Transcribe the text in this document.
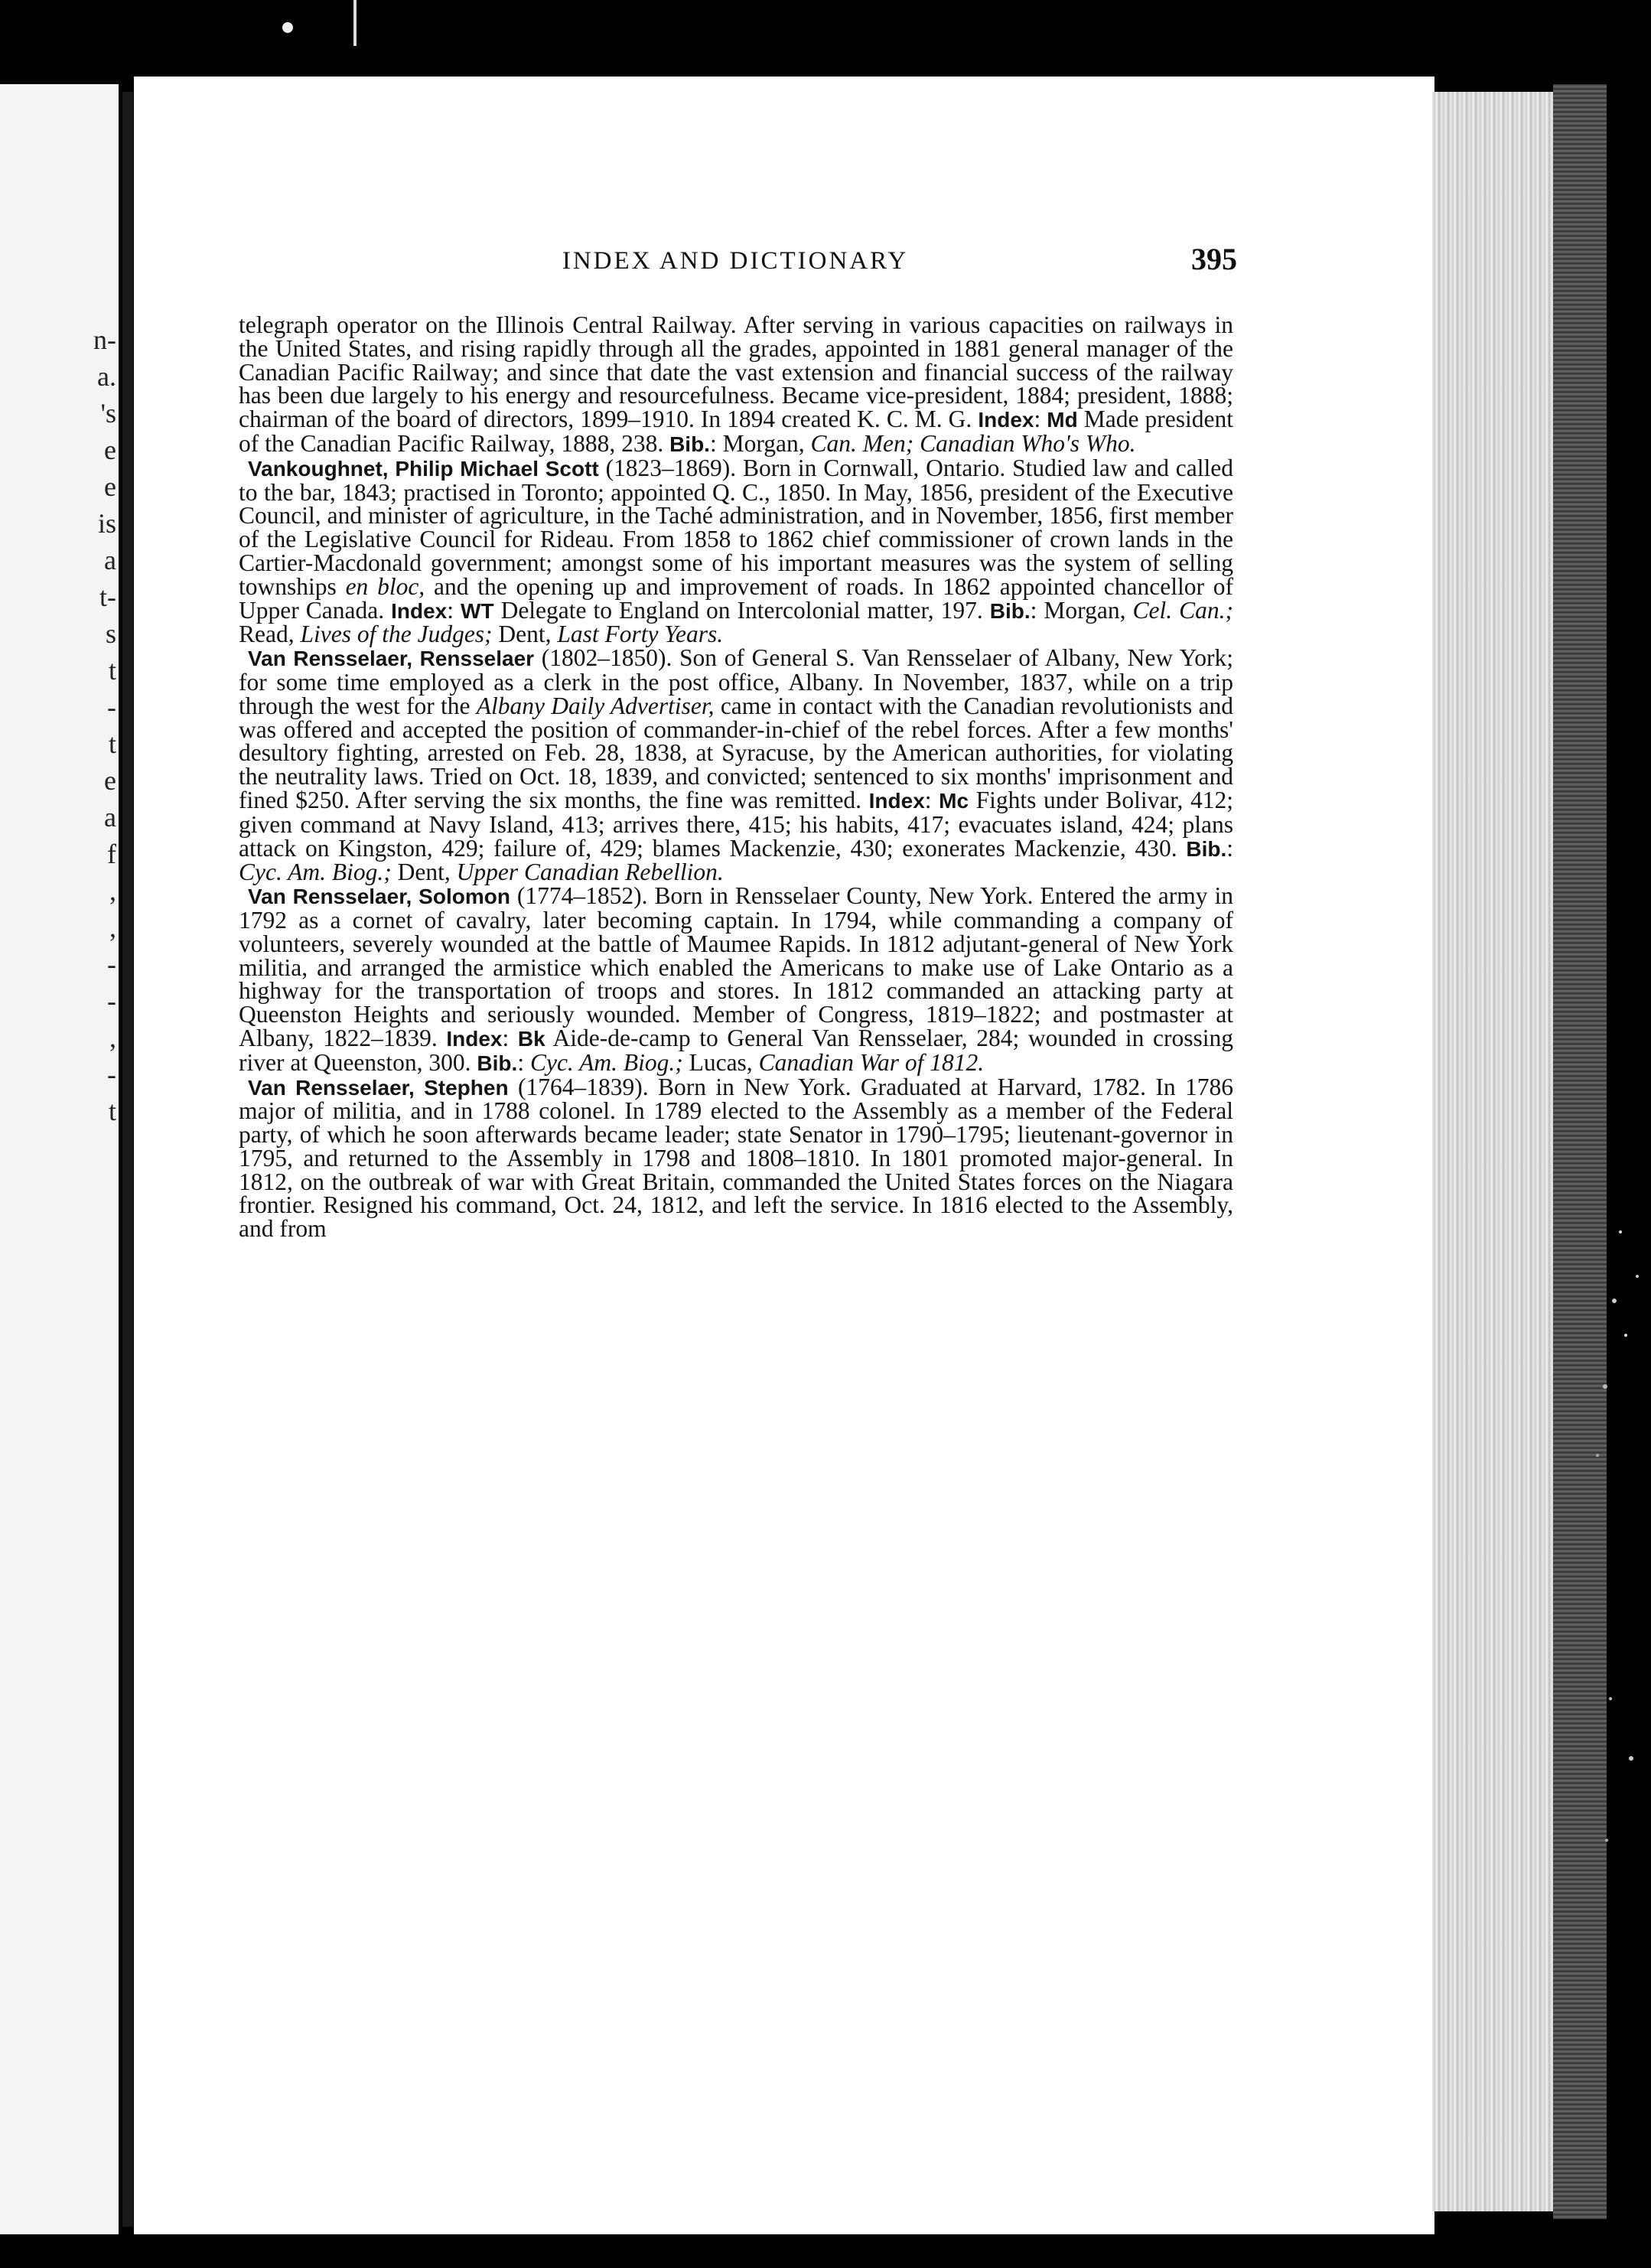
n-
a.
's
e
e
is
a
t-
s
t
-
t
e
a
f
,
,
-
-
,
-
t
INDEX AND DICTIONARY	395

telegraph operator on the Illinois Central Railway. After serving in various capacities on railways in the United States, and rising rapidly through all the grades, appointed in 1881 general manager of the Canadian Pacific Railway; and since that date the vast extension and financial success of the railway has been due largely to his energy and resourcefulness. Became vice-president, 1884; president, 1888; chairman of the board of directors, 1899–1910. In 1894 created K. C. M. G. Index: Md Made president of the Canadian Pacific Railway, 1888, 238. Bib.: Morgan, Can. Men; Canadian Who's Who.

Vankoughnet, Philip Michael Scott (1823–1869). Born in Cornwall, Ontario. Studied law and called to the bar, 1843; practised in Toronto; appointed Q. C., 1850. In May, 1856, president of the Executive Council, and minister of agriculture, in the Taché administration, and in November, 1856, first member of the Legislative Council for Rideau. From 1858 to 1862 chief commissioner of crown lands in the Cartier-Macdonald government; amongst some of his important measures was the system of selling townships en bloc, and the opening up and improvement of roads. In 1862 appointed chancellor of Upper Canada. Index: WT Delegate to England on Intercolonial matter, 197. Bib.: Morgan, Cel. Can.; Read, Lives of the Judges; Dent, Last Forty Years.

Van Rensselaer, Rensselaer (1802–1850). Son of General S. Van Rensselaer of Albany, New York; for some time employed as a clerk in the post office, Albany. In November, 1837, while on a trip through the west for the Albany Daily Advertiser, came in contact with the Canadian revolutionists and was offered and accepted the position of commander-in-chief of the rebel forces. After a few months' desultory fighting, arrested on Feb. 28, 1838, at Syracuse, by the American authorities, for violating the neutrality laws. Tried on Oct. 18, 1839, and convicted; sentenced to six months' imprisonment and fined $250. After serving the six months, the fine was remitted. Index: Mc Fights under Bolivar, 412; given command at Navy Island, 413; arrives there, 415; his habits, 417; evacuates island, 424; plans attack on Kingston, 429; failure of, 429; blames Mackenzie, 430; exonerates Mackenzie, 430. Bib.: Cyc. Am. Biog.; Dent, Upper Canadian Rebellion.

Van Rensselaer, Solomon (1774–1852). Born in Rensselaer County, New York. Entered the army in 1792 as a cornet of cavalry, later becoming captain. In 1794, while commanding a company of volunteers, severely wounded at the battle of Maumee Rapids. In 1812 adjutant-general of New York militia, and arranged the armistice which enabled the Americans to make use of Lake Ontario as a highway for the transportation of troops and stores. In 1812 commanded an attacking party at Queenston Heights and seriously wounded. Member of Congress, 1819–1822; and postmaster at Albany, 1822–1839. Index: Bk Aide-de-camp to General Van Rensselaer, 284; wounded in crossing river at Queenston, 300. Bib.: Cyc. Am. Biog.; Lucas, Canadian War of 1812.

Van Rensselaer, Stephen (1764–1839). Born in New York. Graduated at Harvard, 1782. In 1786 major of militia, and in 1788 colonel. In 1789 elected to the Assembly as a member of the Federal party, of which he soon afterwards became leader; state Senator in 1790–1795; lieutenant-governor in 1795, and returned to the Assembly in 1798 and 1808–1810. In 1801 promoted major-general. In 1812, on the outbreak of war with Great Britain, commanded the United States forces on the Niagara frontier. Resigned his command, Oct. 24, 1812, and left the service. In 1816 elected to the Assembly, and from
